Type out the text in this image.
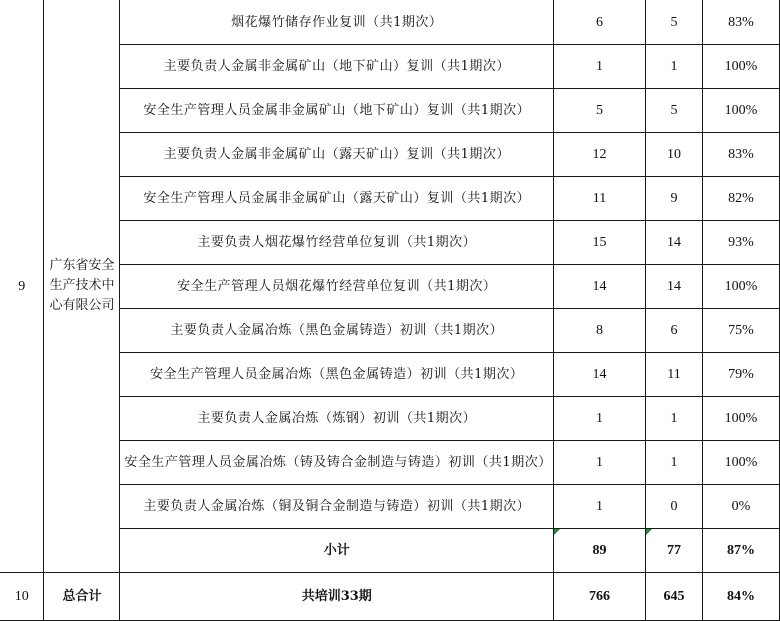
9	广东省安全生产技术中心有限公司	烟花爆竹储存作业复训（共1期次）	6	5	83%
		主要负责人金属非金属矿山（地下矿山）复训（共1期次）	1	1	100%
		安全生产管理人员金属非金属矿山（地下矿山）复训（共1期次）	5	5	100%
		主要负责人金属非金属矿山（露天矿山）复训（共1期次）	12	10	83%
		安全生产管理人员金属非金属矿山（露天矿山）复训（共1期次）	11	9	82%
		主要负责人烟花爆竹经营单位复训（共1期次）	15	14	93%
		安全生产管理人员烟花爆竹经营单位复训（共1期次）	14	14	100%
		主要负责人金属冶炼（黑色金属铸造）初训（共1期次）	8	6	75%
		安全生产管理人员金属冶炼（黑色金属铸造）初训（共1期次）	14	11	79%
		主要负责人金属冶炼（炼钢）初训（共1期次）	1	1	100%
		安全生产管理人员金属冶炼（铸及铸合金制造与铸造）初训（共1期次）	1	1	100%
		主要负责人金属冶炼（铜及铜合金制造与铸造）初训（共1期次）	1	0	0%
		小计	89	77	87%
10	总合计	共培训33期	766	645	84%
